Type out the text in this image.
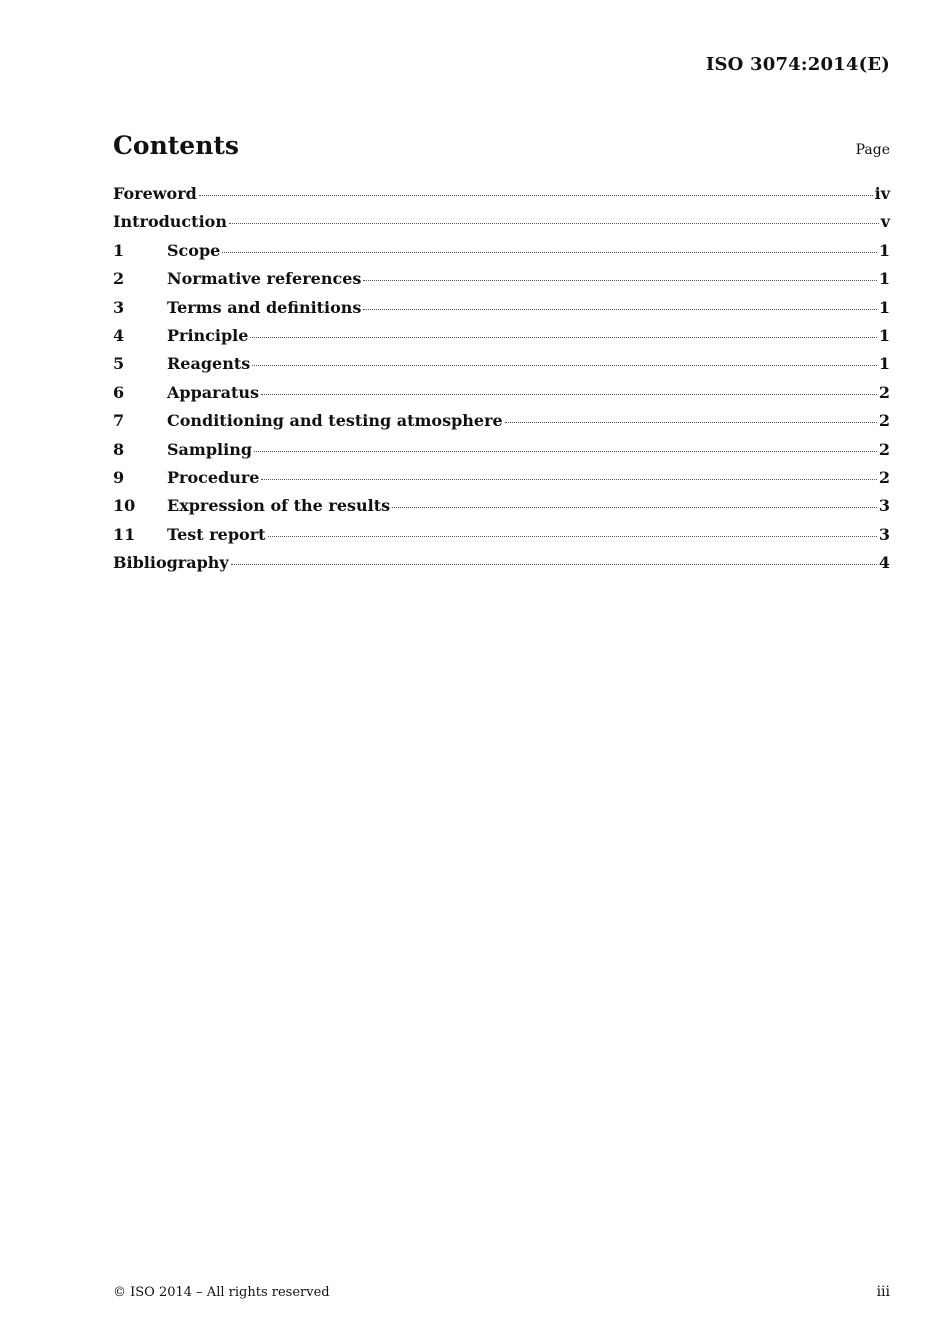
ISO 3074:2014(E)
Contents	Page
Foreword	iv
Introduction	v
1	Scope	1
2	Normative references	1
3	Terms and definitions	1
4	Principle	1
5	Reagents	1
6	Apparatus	2
7	Conditioning and testing atmosphere	2
8	Sampling	2
9	Procedure	2
10	Expression of the results	3
11	Test report	3
Bibliography	4
© ISO 2014 – All rights reserved	iii
